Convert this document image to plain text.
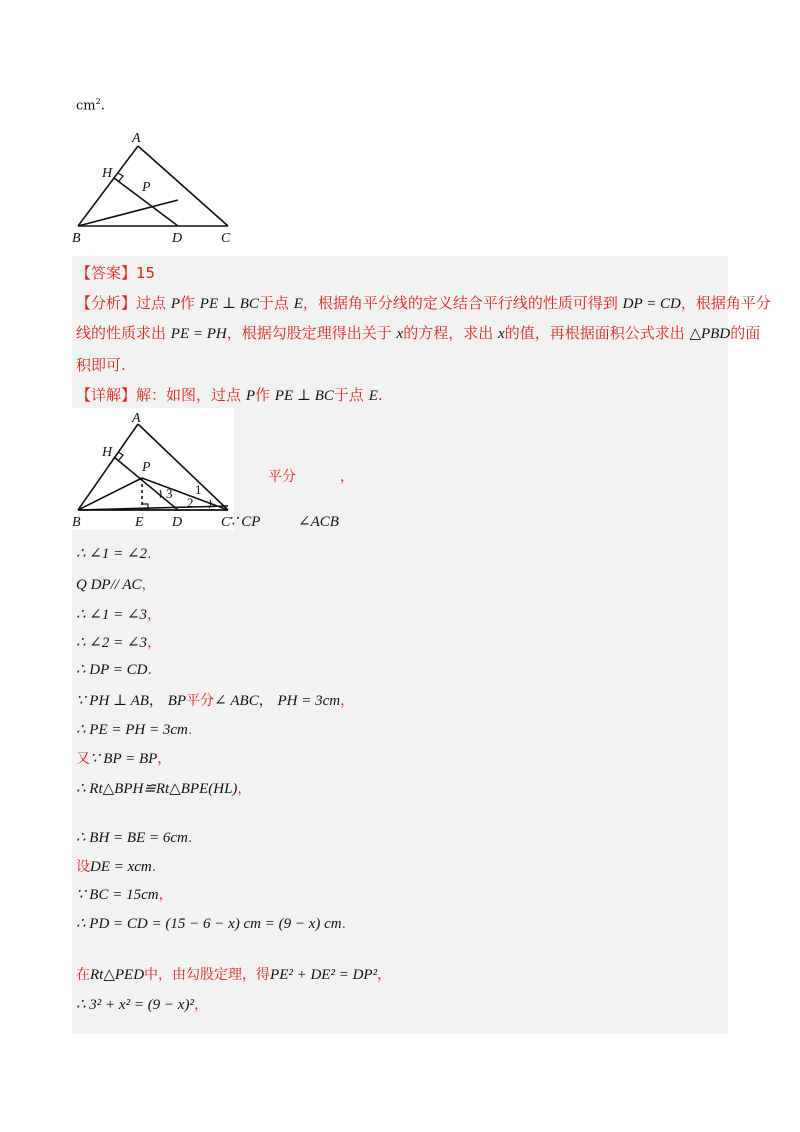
$cm^2$.
A
H
P
B	D	C
【答案】15
【分析】过点 P作 PE ⊥ BC于点 E，根据角平分线的定义结合平行线的性质可得到 DP = CD，根据角平分
线的性质求出 PE = PH，根据勾股定理得出关于 x的方程，求出 x的值，再根据面积公式求出 △PBD的面
积即可.
【详解】解：如图，过点 P作 PE ⊥ BC于点 E.
A
H
P
B	E D	C
3 1
2
平分	，
∵ CP	∠ACB
∴ ∠1 = ∠2.
Q DP// AC，
∴ ∠1 = ∠3，
∴ ∠2 = ∠3，
∴ DP = CD.
∵ PH ⊥ AB， BP平分∠ ABC， PH = 3cm，
∴ PE = PH = 3cm.
又∵ BP = BP，
∴ Rt△BPH≌Rt△BPE(HL)，
∴ BH = BE = 6cm.
设DE = xcm.
∵ BC = 15cm，
∴ PD = CD = (15 − 6 − x) cm = (9 − x) cm.
在Rt△PED中，由勾股定理，得PE² + DE² = DP²，
∴ 3² + x² = (9 − x)²，
